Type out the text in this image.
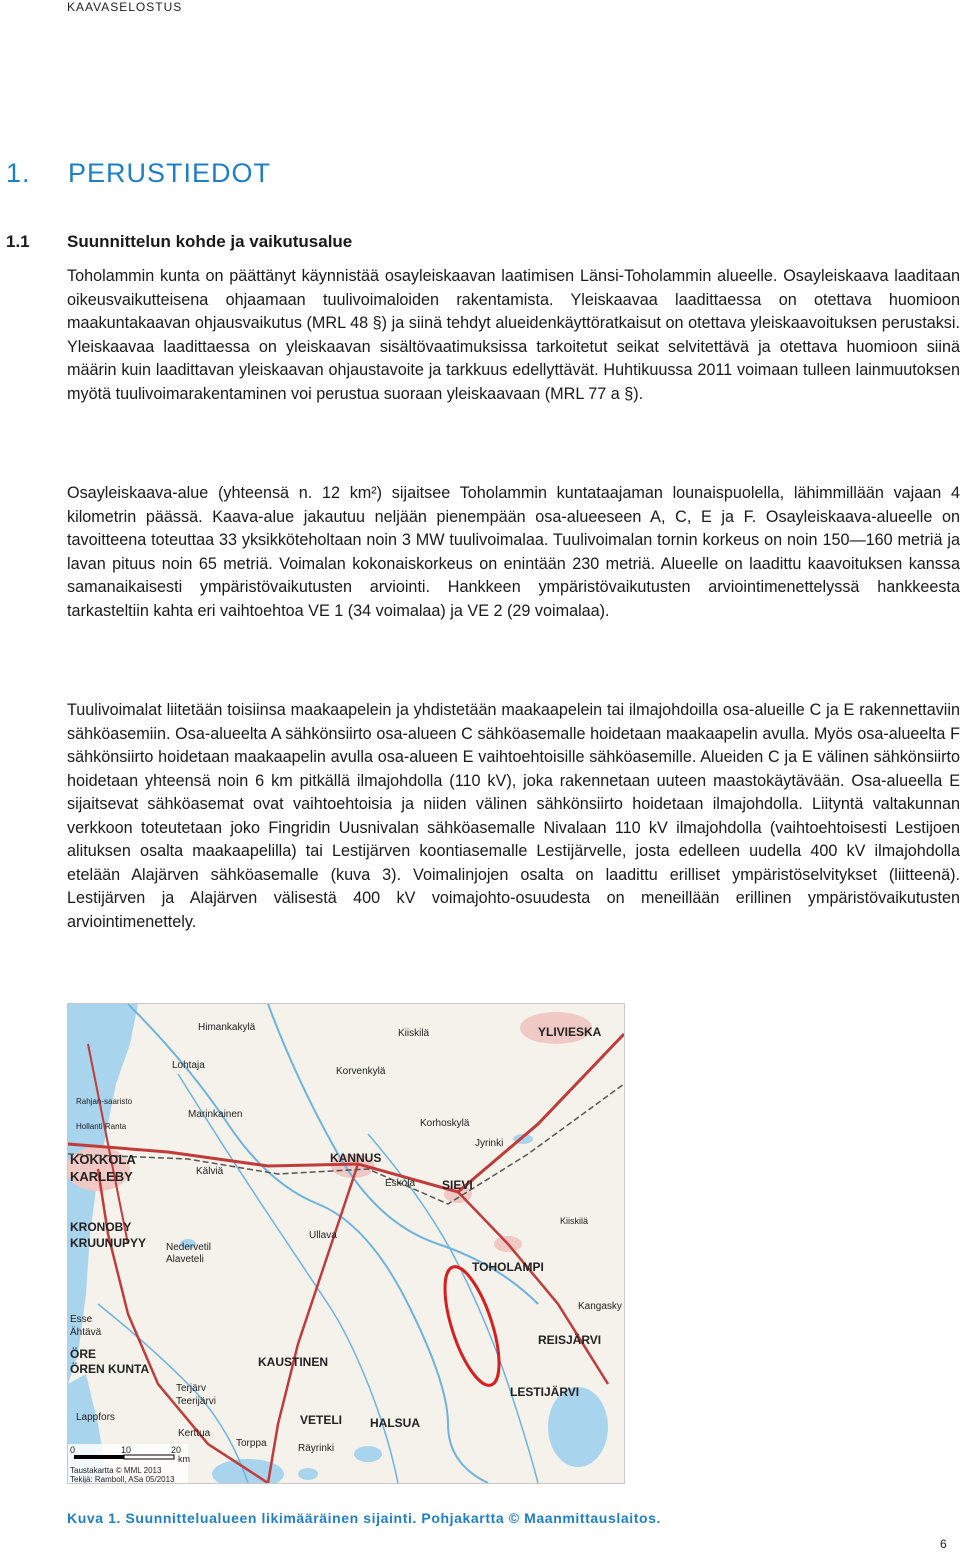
KAAVASELOSTUS
1. PERUSTIEDOT
1.1 Suunnittelun kohde ja vaikutusalue

Toholammin kunta on päättänyt käynnistää osayleiskaavan laatimisen Länsi-Toholammin alueelle. Osayleiskaava laaditaan oikeusvaikutteisena ohjaamaan tuulivoimaloiden rakentamista. Yleiskaavaa laadittaessa on otettava huomioon maakuntakaavan ohjausvaikutus (MRL 48 §) ja siinä tehdyt alueidenkäyttöratkaisut on otettava yleiskaavoituksen perustaksi. Yleiskaavaa laadittaessa on yleiskaavan sisältövaatimuksissa tarkoitetut seikat selvitettävä ja otettava huomioon siinä määrin kuin laadittavan yleiskaavan ohjaustavoite ja tarkkuus edellyttävät. Huhtikuussa 2011 voimaan tulleen lainmuutoksen myötä tuulivoimarakentaminen voi perustua suoraan yleiskaavaan (MRL 77 a §).

Osayleiskaava-alue (yhteensä n. 12 km²) sijaitsee Toholammin kuntataajaman lounaispuolella, lähimmillään vajaan 4 kilometrin päässä. Kaava-alue jakautuu neljään pienempään osa-alueeseen A, C, E ja F. Osayleiskaava-alueelle on tavoitteena toteuttaa 33 yksikköteholtaan noin 3 MW tuulivoimalaa. Tuulivoimalan tornin korkeus on noin 150—160 metriä ja lavan pituus noin 65 metriä. Voimalan kokonaiskorkeus on enintään 230 metriä. Alueelle on laadittu kaavoituksen kanssa samanaikaisesti ympäristövaikutusten arviointi. Hankkeen ympäristövaikutusten arviointimenettelyssä hankkeesta tarkasteltiin kahta eri vaihtoehtoa VE 1 (34 voimalaa) ja VE 2 (29 voimalaa).

Tuulivoimalat liitetään toisiinsa maakaapelein ja yhdistetään maakaapelein tai ilmajohdoilla osa-alueille C ja E rakennettaviin sähköasemiin. Osa-alueelta A sähkönsiirto osa-alueen C sähköasemalle hoidetaan maakaapelin avulla. Myös osa-alueelta F sähkönsiirto hoidetaan maakaapelin avulla osa-alueen E vaihtoehtoisille sähköasemille. Alueiden C ja E välinen sähkönsiirto hoidetaan yhteensä noin 6 km pitkällä ilmajohdolla (110 kV), joka rakennetaan uuteen maastokäytävään. Osa-alueella E sijaitsevat sähköasemat ovat vaihtoehtoisia ja niiden välinen sähkönsiirto hoidetaan ilmajohdolla. Liityntä valtakunnan verkkoon toteutetaan joko Fingridin Uusnivalan sähköasemalle Nivalaan 110 kV ilmajohdolla (vaihtoehtoisesti Lestijoen alituksen osalta maakaapelilla) tai Lestijärven koontiasemalle Lestijärvelle, josta edelleen uudella 400 kV ilmajohdolla etelään Alajärven sähköasemalle (kuva 3). Voimalinjojen osalta on laadittu erilliset ympäristöselvitykset (liitteenä). Lestijärven ja Alajärven välisestä 400 kV voimajohto-osuudesta on meneillään erillinen ympäristövaikutusten arviointimenettely.

Himankakylä
Lohtaja
Rahjan-saaristo
Hollanti Ranta
Marinkainen
KOKKOLA
KARLEBY	Kälviä
KANNUS
Korvenkylä
Kiiskilä
Korhoskylä
Jyrinki
SIEVI
Eskola
KRONOBY
KRUUNUPYY
Ullava
Nedervetil
Alaveteli
TOHOLAMPI
Kiiskilä
Kangasky
Esse
Ähtävä
REISJÄRVI
ÖRE
ÖREN KUNTA	KAUSTINEN
Terjärv
Teerijärvi
Lappfors
LESTIJÄRVI
Kerttua
VETELI HALSUA
Torppa	Räyrinki
YLIVIESKA
0	10	20
km
Taustakartta © MML 2013
Tekijä: Ramboll, ASa 05/2013
Kuva 1. Suunnittelualueen likimääräinen sijainti. Pohjakartta © Maanmittauslaitos.
6
